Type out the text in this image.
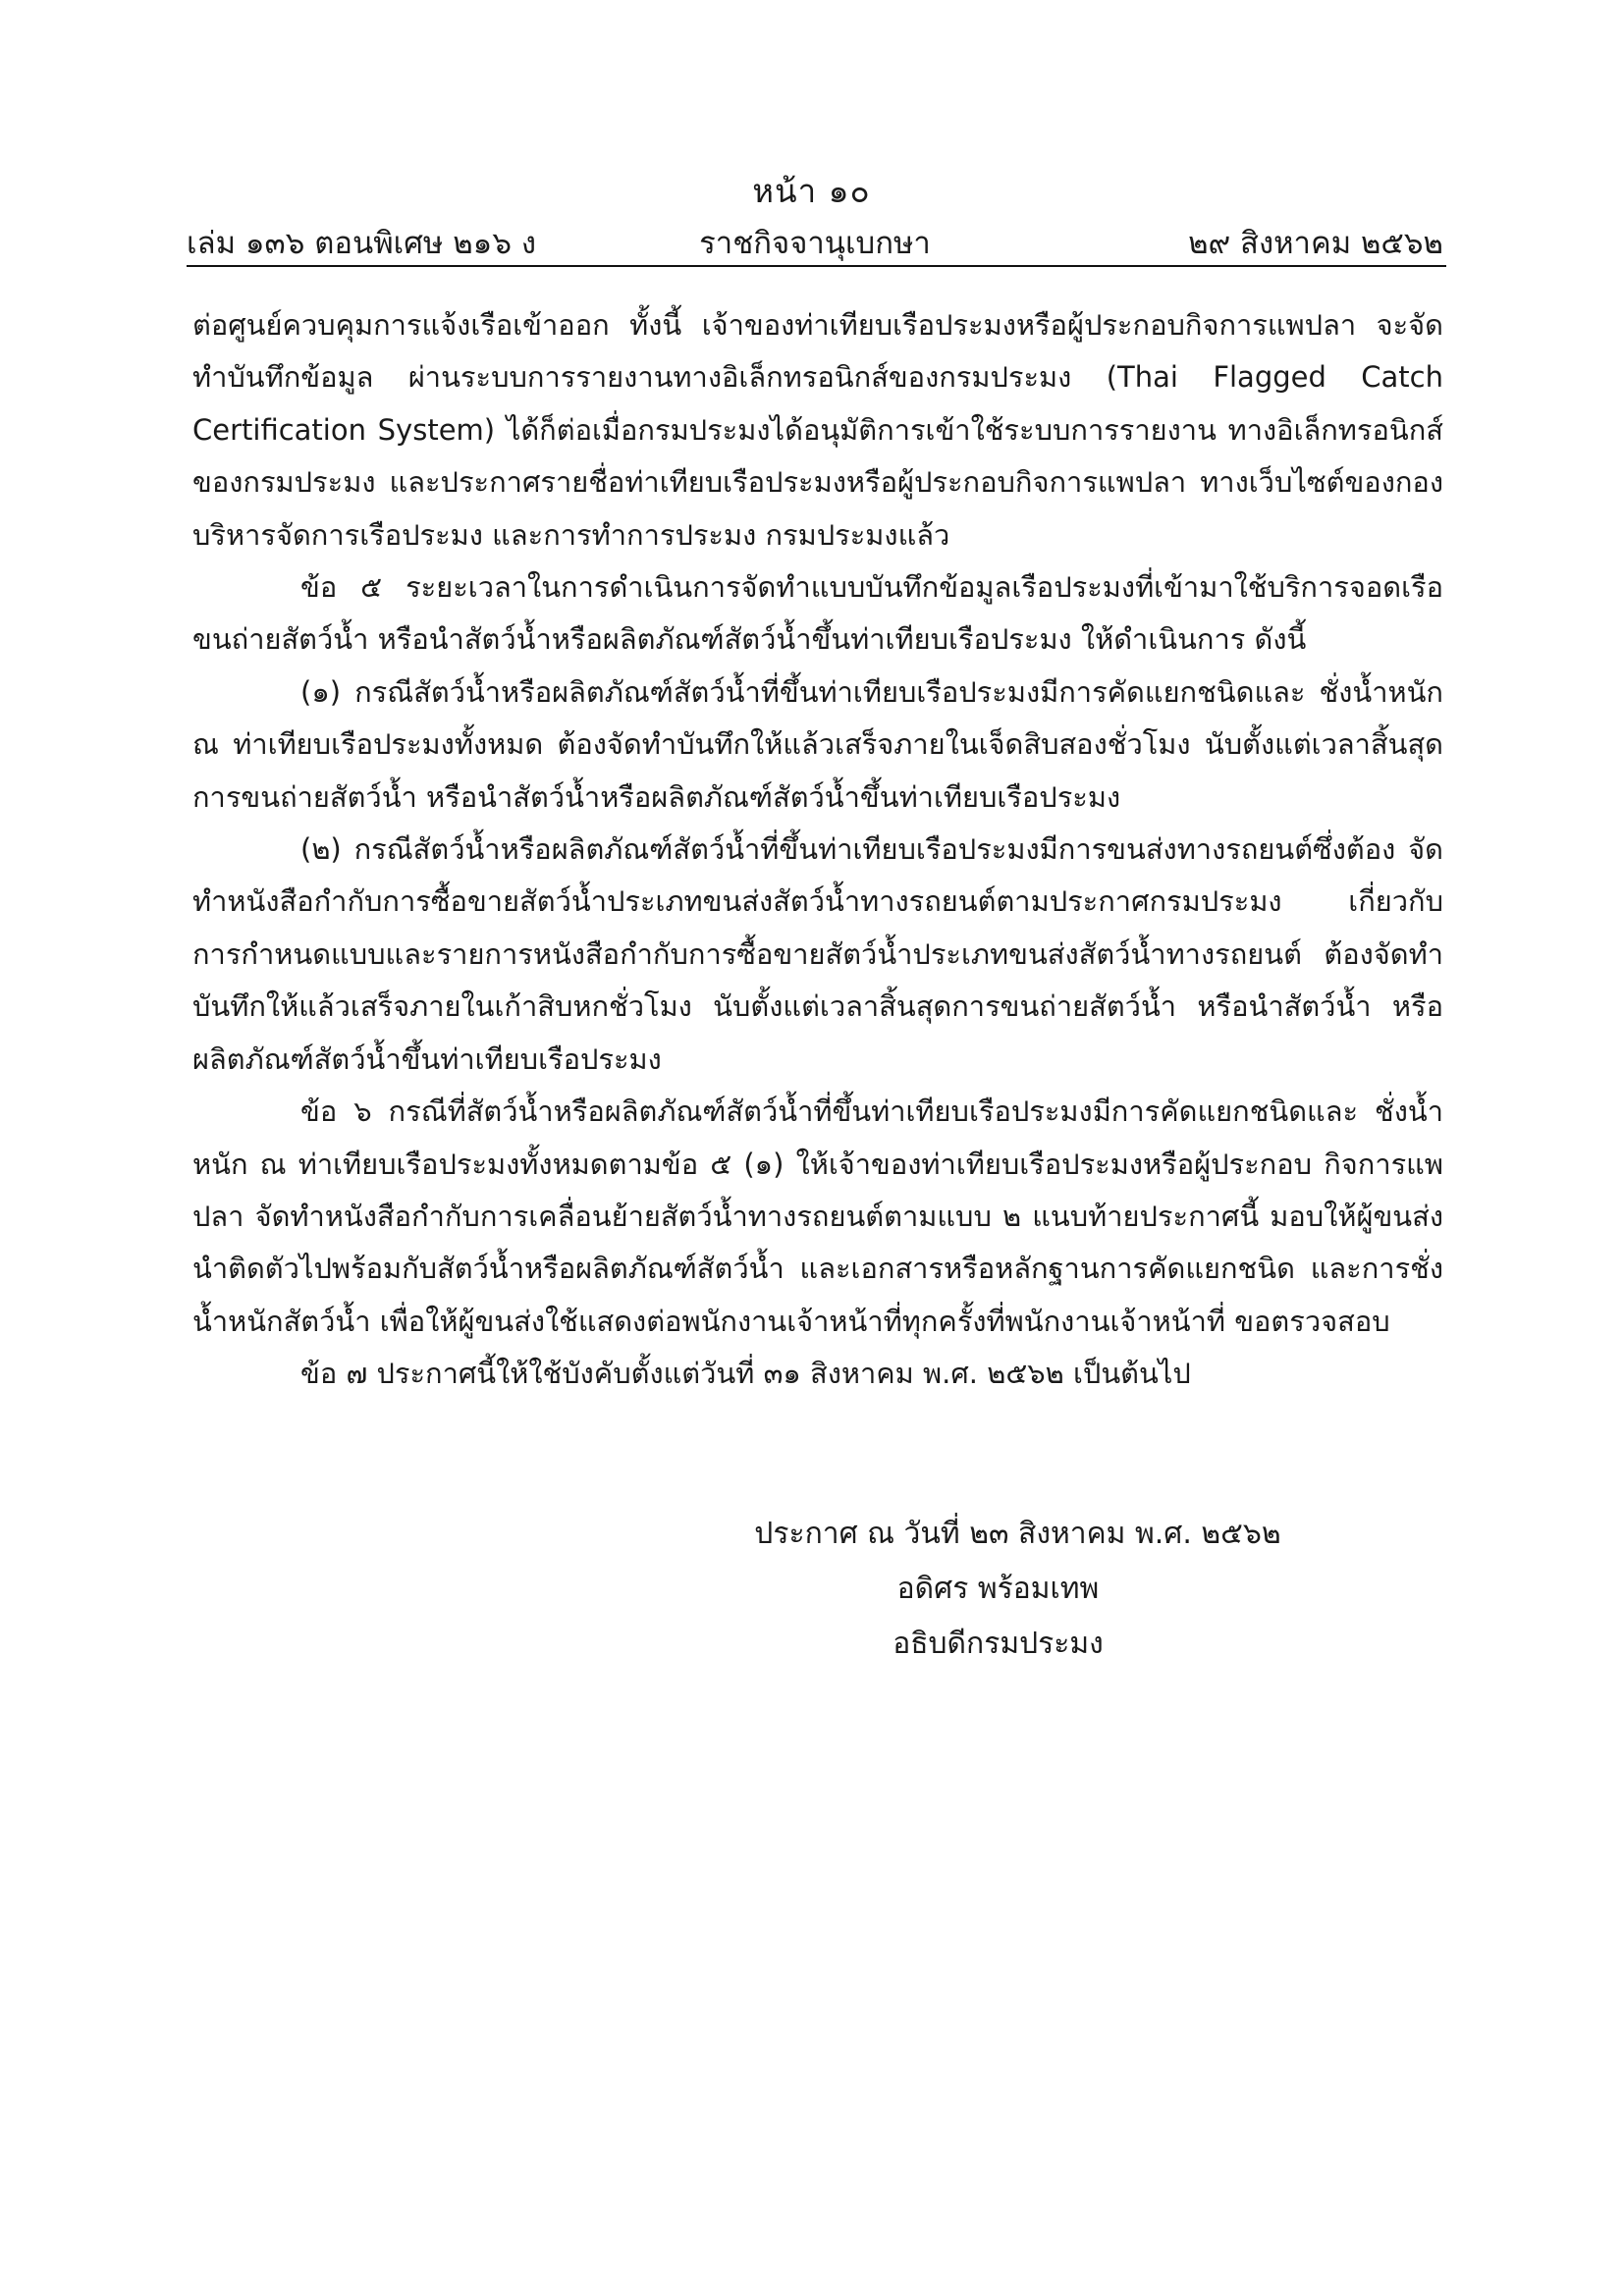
หน้า ๑๐
เล่ม ๑๓๖ ตอนพิเศษ ๒๑๖ ง	ราชกิจจานุเบกษา	๒๙ สิงหาคม ๒๕๖๒

ต่อศูนย์ควบคุมการแจ้งเรือเข้าออก ทั้งนี้ เจ้าของท่าเทียบเรือประมงหรือผู้ประกอบกิจการแพปลา จะจัดทำบันทึกข้อมูล ผ่านระบบการรายงานทางอิเล็กทรอนิกส์ของกรมประมง (Thai Flagged Catch Certification System) ได้ก็ต่อเมื่อกรมประมงได้อนุมัติการเข้าใช้ระบบการรายงาน ทางอิเล็กทรอนิกส์ของกรมประมง และประกาศรายชื่อท่าเทียบเรือประมงหรือผู้ประกอบกิจการแพปลา ทางเว็บไซต์ของกองบริหารจัดการเรือประมง และการทำการประมง กรมประมงแล้ว

ข้อ ๕ ระยะเวลาในการดำเนินการจัดทำแบบบันทึกข้อมูลเรือประมงที่เข้ามาใช้บริการจอดเรือ ขนถ่ายสัตว์น้ำ หรือนำสัตว์น้ำหรือผลิตภัณฑ์สัตว์น้ำขึ้นท่าเทียบเรือประมง ให้ดำเนินการ ดังนี้

(๑) กรณีสัตว์น้ำหรือผลิตภัณฑ์สัตว์น้ำที่ขึ้นท่าเทียบเรือประมงมีการคัดแยกชนิดและ ชั่งน้ำหนัก ณ ท่าเทียบเรือประมงทั้งหมด ต้องจัดทำบันทึกให้แล้วเสร็จภายในเจ็ดสิบสองชั่วโมง นับตั้งแต่เวลาสิ้นสุดการขนถ่ายสัตว์น้ำ หรือนำสัตว์น้ำหรือผลิตภัณฑ์สัตว์น้ำขึ้นท่าเทียบเรือประมง

(๒) กรณีสัตว์น้ำหรือผลิตภัณฑ์สัตว์น้ำที่ขึ้นท่าเทียบเรือประมงมีการขนส่งทางรถยนต์ซึ่งต้อง จัดทำหนังสือกำกับการซื้อขายสัตว์น้ำประเภทขนส่งสัตว์น้ำทางรถยนต์ตามประกาศกรมประมง เกี่ยวกับ การกำหนดแบบและรายการหนังสือกำกับการซื้อขายสัตว์น้ำประเภทขนส่งสัตว์น้ำทางรถยนต์ ต้องจัดทำ บันทึกให้แล้วเสร็จภายในเก้าสิบหกชั่วโมง นับตั้งแต่เวลาสิ้นสุดการขนถ่ายสัตว์น้ำ หรือนำสัตว์น้ำ หรือผลิตภัณฑ์สัตว์น้ำขึ้นท่าเทียบเรือประมง

ข้อ ๖ กรณีที่สัตว์น้ำหรือผลิตภัณฑ์สัตว์น้ำที่ขึ้นท่าเทียบเรือประมงมีการคัดแยกชนิดและ ชั่งน้ำหนัก ณ ท่าเทียบเรือประมงทั้งหมดตามข้อ ๕ (๑) ให้เจ้าของท่าเทียบเรือประมงหรือผู้ประกอบ กิจการแพปลา จัดทำหนังสือกำกับการเคลื่อนย้ายสัตว์น้ำทางรถยนต์ตามแบบ ๒ แนบท้ายประกาศนี้ มอบให้ผู้ขนส่งนำติดตัวไปพร้อมกับสัตว์น้ำหรือผลิตภัณฑ์สัตว์น้ำ และเอกสารหรือหลักฐานการคัดแยกชนิด และการชั่งน้ำหนักสัตว์น้ำ เพื่อให้ผู้ขนส่งใช้แสดงต่อพนักงานเจ้าหน้าที่ทุกครั้งที่พนักงานเจ้าหน้าที่ ขอตรวจสอบ

ข้อ ๗ ประกาศนี้ให้ใช้บังคับตั้งแต่วันที่ ๓๑ สิงหาคม พ.ศ. ๒๕๖๒ เป็นต้นไป

ประกาศ ณ วันที่ ๒๓ สิงหาคม พ.ศ. ๒๕๖๒
อดิศร พร้อมเทพ
อธิบดีกรมประมง
